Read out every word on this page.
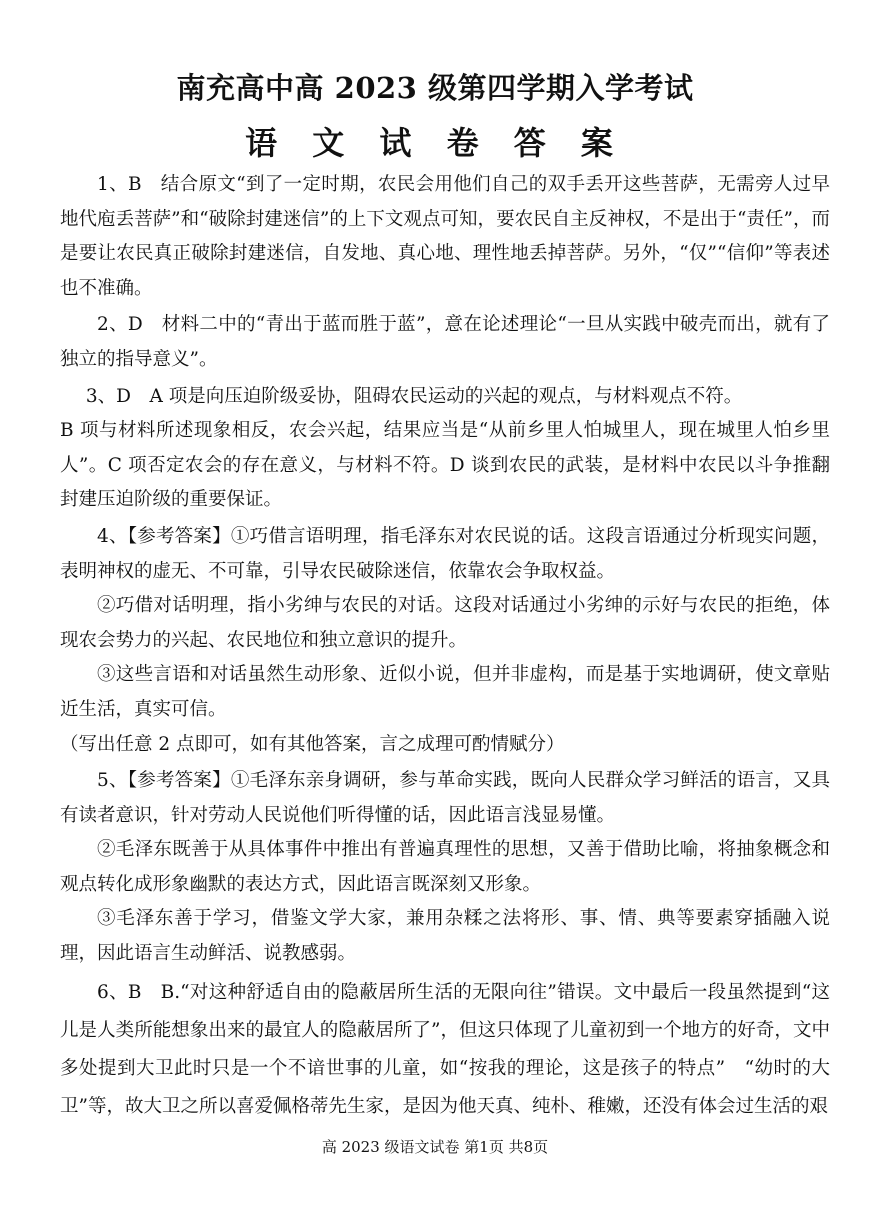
南充高中高 2023 级第四学期入学考试
语 文 试 卷 答 案

1、B　结合原文“到了一定时期，农民会用他们自己的双手丢开这些菩萨，无需旁人过早地代庖丢菩萨”和“破除封建迷信”的上下文观点可知，要农民自主反神权，不是出于“责任”，而是要让农民真正破除封建迷信，自发地、真心地、理性地丢掉菩萨。另外，“仅”“信仰”等表述也不准确。

2、D　材料二中的“青出于蓝而胜于蓝”，意在论述理论“一旦从实践中破壳而出，就有了独立的指导意义”。

3、D　A 项是向压迫阶级妥协，阻碍农民运动的兴起的观点，与材料观点不符。

B 项与材料所述现象相反，农会兴起，结果应当是“从前乡里人怕城里人，现在城里人怕乡里人”。C 项否定农会的存在意义，与材料不符。D 谈到农民的武装，是材料中农民以斗争推翻封建压迫阶级的重要保证。

4、【参考答案】①巧借言语明理，指毛泽东对农民说的话。这段言语通过分析现实问题，表明神权的虚无、不可靠，引导农民破除迷信，依靠农会争取权益。

②巧借对话明理，指小劣绅与农民的对话。这段对话通过小劣绅的示好与农民的拒绝，体现农会势力的兴起、农民地位和独立意识的提升。

③这些言语和对话虽然生动形象、近似小说，但并非虚构，而是基于实地调研，使文章贴近生活，真实可信。

（写出任意 2 点即可，如有其他答案，言之成理可酌情赋分）

5、【参考答案】①毛泽东亲身调研，参与革命实践，既向人民群众学习鲜活的语言，又具有读者意识，针对劳动人民说他们听得懂的话，因此语言浅显易懂。

②毛泽东既善于从具体事件中推出有普遍真理性的思想，又善于借助比喻，将抽象概念和观点转化成形象幽默的表达方式，因此语言既深刻又形象。

③毛泽东善于学习，借鉴文学大家，兼用杂糅之法将形、事、情、典等要素穿插融入说理，因此语言生动鲜活、说教感弱。

6、B　B.“对这种舒适自由的隐蔽居所生活的无限向往”错误。文中最后一段虽然提到“这儿是人类所能想象出来的最宜人的隐蔽居所了”，但这只体现了儿童初到一个地方的好奇，文中多处提到大卫此时只是一个不谙世事的儿童，如“按我的理论，这是孩子的特点”　“幼时的大卫”等，故大卫之所以喜爱佩格蒂先生家，是因为他天真、纯朴、稚嫩，还没有体会过生活的艰

高 2023 级语文试卷 第1页 共8页
